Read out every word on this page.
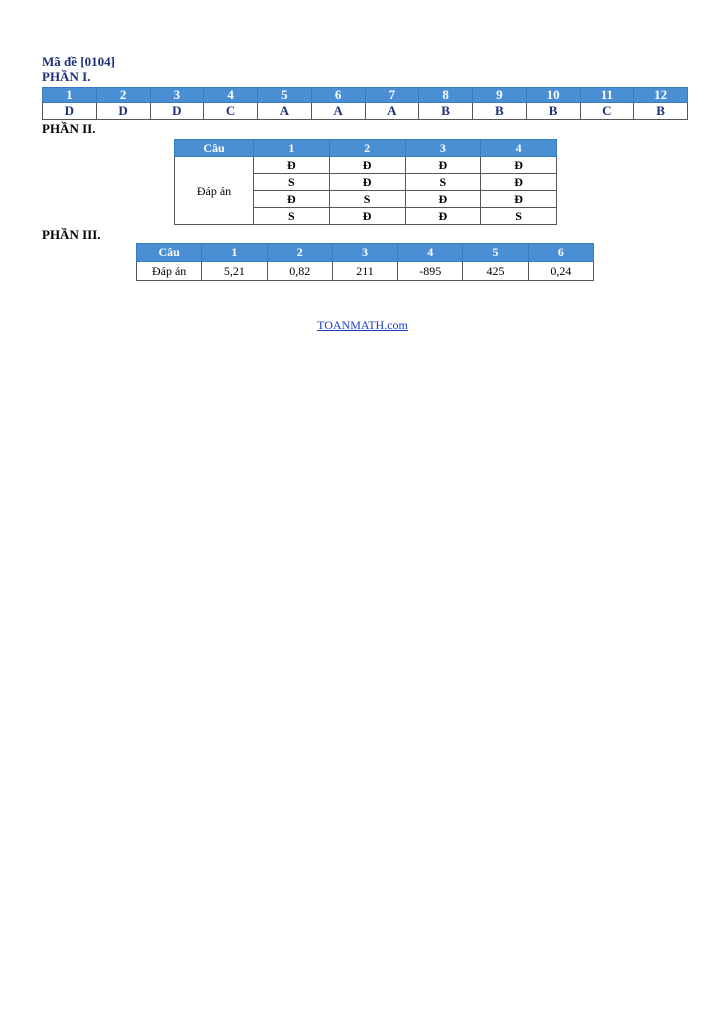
Mã đề [0104]

PHẦN I.

1	2	3	4	5	6	7	8	9	10	11	12
D	D	D	C	A	A	A	B	B	B	C	B

PHẦN II.

Câu	1	2	3	4
Đáp án	Đ	Đ	Đ	Đ
	S	Đ	S	Đ
	Đ	S	Đ	Đ
	S	Đ	Đ	S

PHẦN III.

Câu	1	2	3	4	5	6
Đáp án	5,21	0,82	211	-895	425	0,24
TOANMATH.com
